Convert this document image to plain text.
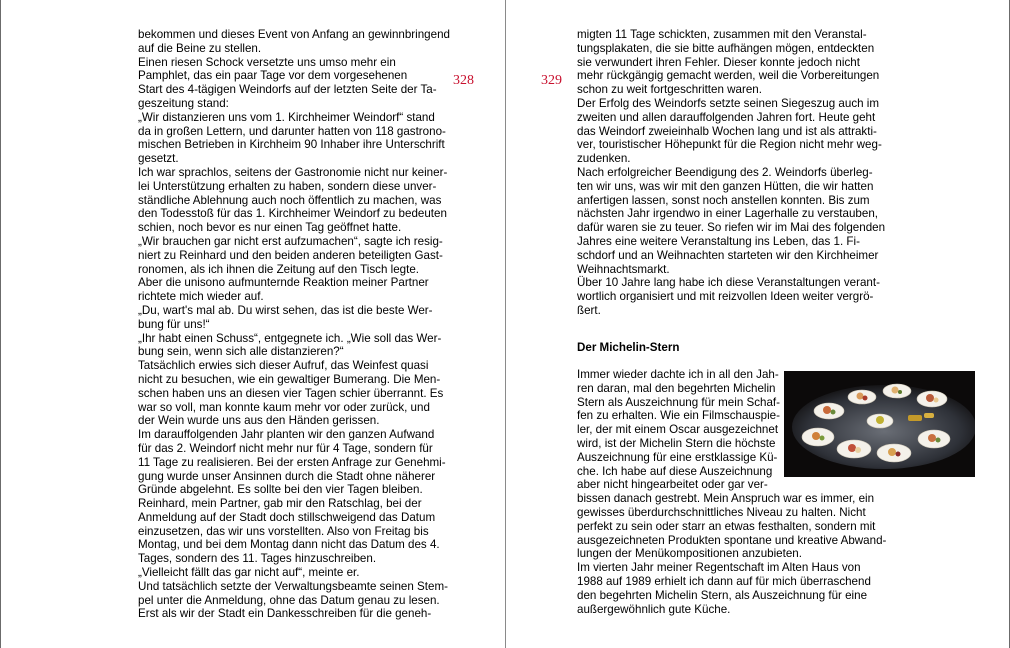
328
bekommen und dieses Event von Anfang an gewinnbringend
auf die Beine zu stellen.
Einen riesen Schock versetzte uns umso mehr ein
Pamphlet, das ein paar Tage vor dem vorgesehenen
Start des 4-tägigen Weindorfs auf der letzten Seite der Ta-
geszeitung stand:
„Wir distanzieren uns vom 1. Kirchheimer Weindorf“ stand
da in großen Lettern, und darunter hatten von 118 gastrono-
mischen Betrieben in Kirchheim 90 Inhaber ihre Unterschrift
gesetzt.
Ich war sprachlos, seitens der Gastronomie nicht nur keiner-
lei Unterstützung erhalten zu haben, sondern diese unver-
ständliche Ablehnung auch noch öffentlich zu machen, was
den Todesstoß für das 1. Kirchheimer Weindorf zu bedeuten
schien, noch bevor es nur einen Tag geöffnet hatte.
„Wir brauchen gar nicht erst aufzumachen“, sagte ich resig-
niert zu Reinhard und den beiden anderen beteiligten Gast-
ronomen, als ich ihnen die Zeitung auf den Tisch legte.
Aber die unisono aufmunternde Reaktion meiner Partner
richtete mich wieder auf.
„Du, wart's mal ab. Du wirst sehen, das ist die beste Wer-
bung für uns!“
„Ihr habt einen Schuss“, entgegnete ich. „Wie soll das Wer-
bung sein, wenn sich alle distanzieren?“
Tatsächlich erwies sich dieser Aufruf, das Weinfest quasi
nicht zu besuchen, wie ein gewaltiger Bumerang. Die Men-
schen haben uns an diesen vier Tagen schier überrannt. Es
war so voll, man konnte kaum mehr vor oder zurück, und
der Wein wurde uns aus den Händen gerissen.
Im darauffolgenden Jahr planten wir den ganzen Aufwand
für das 2. Weindorf nicht mehr nur für 4 Tage, sondern für
11 Tage zu realisieren. Bei der ersten Anfrage zur Genehmi-
gung wurde unser Ansinnen durch die Stadt ohne näherer
Gründe abgelehnt. Es sollte bei den vier Tagen bleiben.
Reinhard, mein Partner, gab mir den Ratschlag, bei der
Anmeldung auf der Stadt doch stillschweigend das Datum
einzusetzen, das wir uns vorstellten. Also von Freitag bis
Montag, und bei dem Montag dann nicht das Datum des 4.
Tages, sondern des 11. Tages hinzuschreiben.
„Vielleicht fällt das gar nicht auf“, meinte er.
Und tatsächlich setzte der Verwaltungsbeamte seinen Stem-
pel unter die Anmeldung, ohne das Datum genau zu lesen.
Erst als wir der Stadt ein Dankesschreiben für die geneh-
329
migten 11 Tage schickten, zusammen mit den Veranstal-
tungsplakaten, die sie bitte aufhängen mögen, entdeckten
sie verwundert ihren Fehler. Dieser konnte jedoch nicht
mehr rückgängig gemacht werden, weil die Vorbereitungen
schon zu weit fortgeschritten waren.
Der Erfolg des Weindorfs setzte seinen Siegeszug auch im
zweiten und allen darauffolgenden Jahren fort. Heute geht
das Weindorf zweieinhalb Wochen lang und ist als attrakti-
ver, touristischer Höhepunkt für die Region nicht mehr weg-
zudenken.
Nach erfolgreicher Beendigung des 2. Weindorfs überleg-
ten wir uns, was wir mit den ganzen Hütten, die wir hatten
anfertigen lassen, sonst noch anstellen konnten. Bis zum
nächsten Jahr irgendwo in einer Lagerhalle zu verstauben,
dafür waren sie zu teuer. So riefen wir im Mai des folgenden
Jahres eine weitere Veranstaltung ins Leben, das 1. Fi-
schdorf und an Weihnachten starteten wir den Kirchheimer
Weihnachtsmarkt.
Über 10 Jahre lang habe ich diese Veranstaltungen verant-
wortlich organisiert und mit reizvollen Ideen weiter vergrö-
ßert.
Der Michelin-Stern
Immer wieder dachte ich in all den Jah-
ren daran, mal den begehrten Michelin
Stern als Auszeichnung für mein Schaf-
fen zu erhalten. Wie ein Filmschauspie-
ler, der mit einem Oscar ausgezeichnet
wird, ist der Michelin Stern die höchste
Auszeichnung für eine erstklassige Kü-
che. Ich habe auf diese Auszeichnung
aber nicht hingearbeitet oder gar ver-
bissen danach gestrebt. Mein Anspruch war es immer, ein
gewisses überdurchschnittliches Niveau zu halten. Nicht
perfekt zu sein oder starr an etwas festhalten, sondern mit
ausgezeichneten Produkten spontane und kreative Abwand-
lungen der Menükompositionen anzubieten.
Im vierten Jahr meiner Regentschaft im Alten Haus von
1988 auf 1989 erhielt ich dann auf für mich überraschend
den begehrten Michelin Stern, als Auszeichnung für eine
außergewöhnlich gute Küche.
